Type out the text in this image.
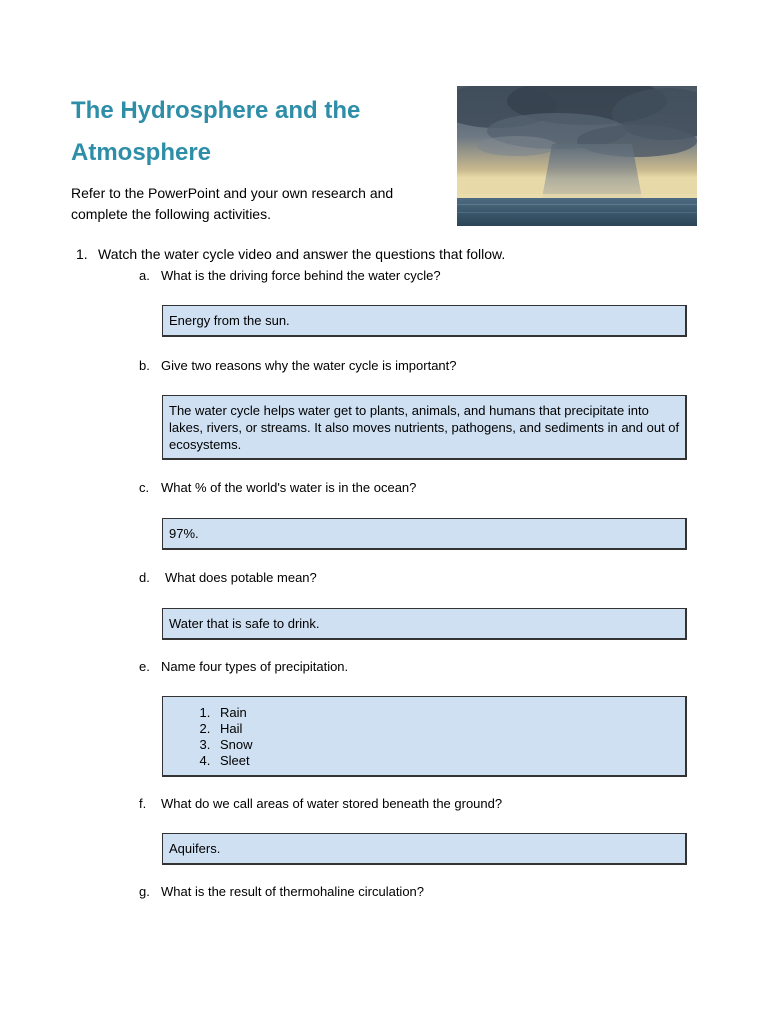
The Hydrosphere and the
Atmosphere

Refer to the PowerPoint and your own research and complete the following activities.

1. Watch the water cycle video and answer the questions that follow.

a. What is the driving force behind the water cycle?
Energy from the sun.
b. Give two reasons why the water cycle is important?
The water cycle helps water get to plants, animals, and humans that precipitate into lakes, rivers, or streams. It also moves nutrients, pathogens, and sediments in and out of ecosystems.
c. What % of the world's water is in the ocean?
97%.
d. What does potable mean?
Water that is safe to drink.
e. Name four types of precipitation.
1. Rain
2. Hail
3. Snow
4. Sleet
f. What do we call areas of water stored beneath the ground?
Aquifers.
g. What is the result of thermohaline circulation?
